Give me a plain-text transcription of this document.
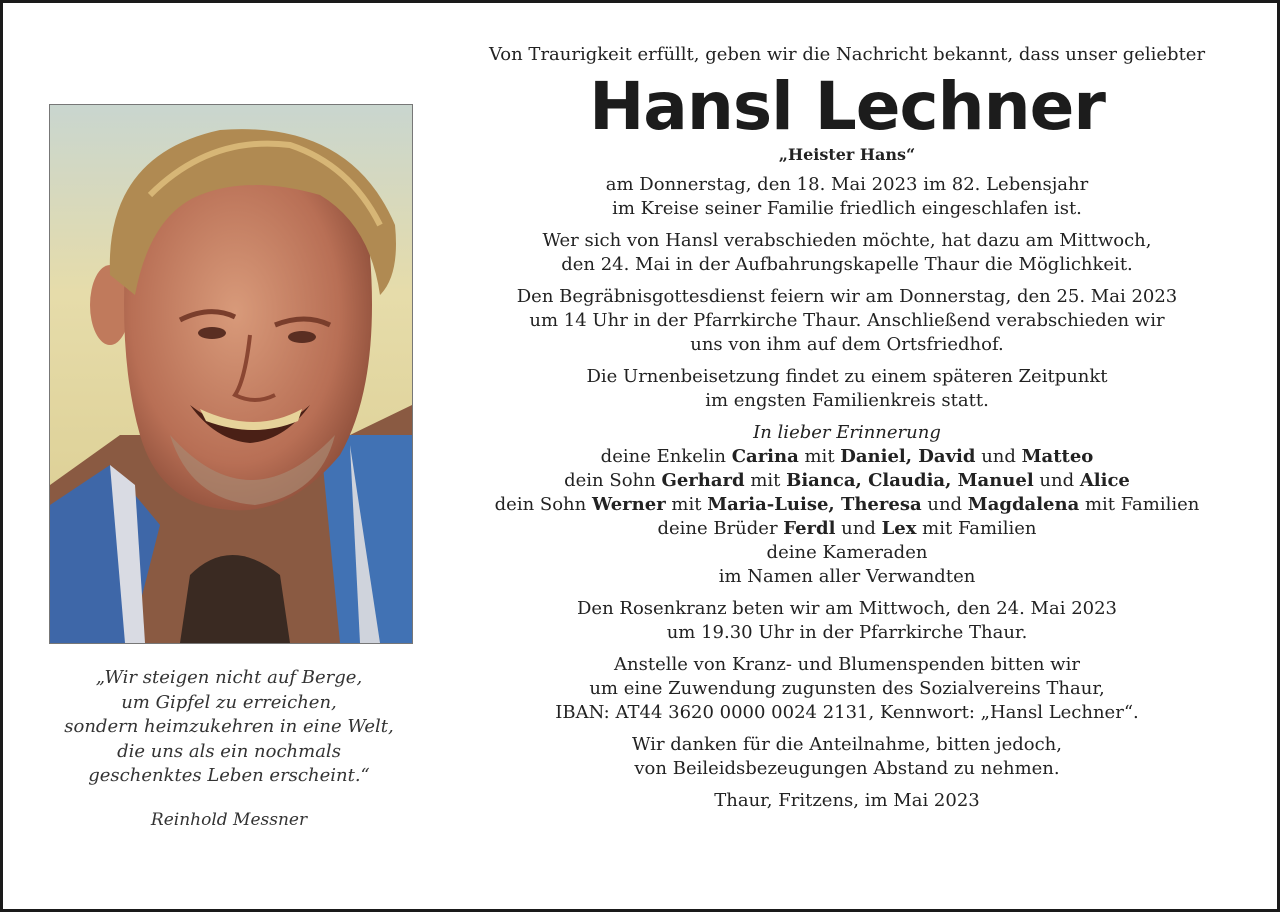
„Wir steigen nicht auf Berge,
um Gipfel zu erreichen,
sondern heimzukehren in eine Welt,
die uns als ein nochmals
geschenktes Leben erscheint.“
Reinhold Messner

Von Traurigkeit erfüllt, geben wir die Nachricht bekannt, dass unser geliebter

Hansl Lechner

„Heister Hans“

am Donnerstag, den 18. Mai 2023 im 82. Lebensjahr

im Kreise seiner Familie friedlich eingeschlafen ist.

Wer sich von Hansl verabschieden möchte, hat dazu am Mittwoch,

den 24. Mai in der Aufbahrungskapelle Thaur die Möglichkeit.

Den Begräbnisgottesdienst feiern wir am Donnerstag, den 25. Mai 2023

um 14 Uhr in der Pfarrkirche Thaur. Anschließend verabschieden wir

uns von ihm auf dem Ortsfriedhof.

Die Urnenbeisetzung findet zu einem späteren Zeitpunkt

im engsten Familienkreis statt.

In lieber Erinnerung

deine Enkelin Carina mit Daniel, David und Matteo

dein Sohn Gerhard mit Bianca, Claudia, Manuel und Alice

dein Sohn Werner mit Maria-Luise, Theresa und Magdalena mit Familien

deine Brüder Ferdl und Lex mit Familien

deine Kameraden

im Namen aller Verwandten

Den Rosenkranz beten wir am Mittwoch, den 24. Mai 2023

um 19.30 Uhr in der Pfarrkirche Thaur.

Anstelle von Kranz- und Blumenspenden bitten wir

um eine Zuwendung zugunsten des Sozialvereins Thaur,

IBAN: AT44 3620 0000 0024 2131, Kennwort: „Hansl Lechner“.

Wir danken für die Anteilnahme, bitten jedoch,

von Beileidsbezeugungen Abstand zu nehmen.

Thaur, Fritzens, im Mai 2023
